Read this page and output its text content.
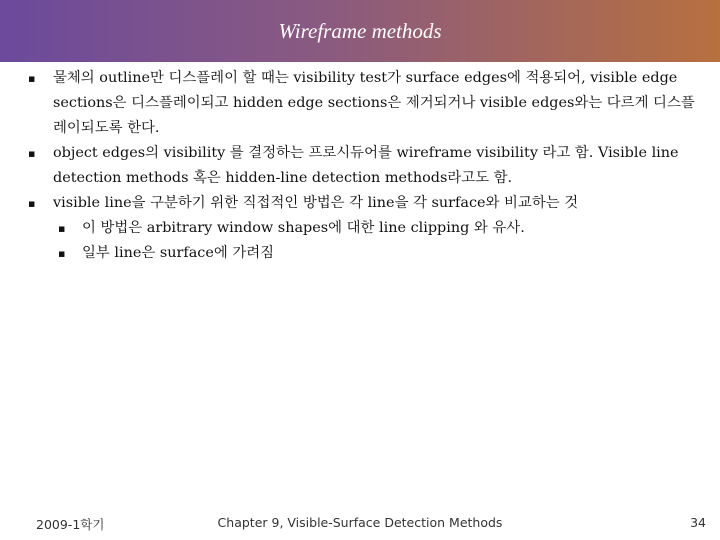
Wireframe methods
▪ 물체의 outline만 디스플레이 할 때는 visibility test가 surface edges에 적용되어, visible edge sections은 디스플레이되고 hidden edge sections은 제거되거나 visible edges와는 다르게 디스플레이되도록 한다.
▪ object edges의 visibility 를 결정하는 프로시듀어를 wireframe visibility 라고 함. Visible line detection methods 혹은 hidden-line detection methods라고도 함.
▪ visible line을 구분하기 위한 직접적인 방법은 각 line을 각 surface와 비교하는 것
▪ 이 방법은 arbitrary window shapes에 대한 line clipping 와 유사.
▪ 일부 line은 surface에 가려짐
2009-1학기	Chapter 9, Visible-Surface Detection Methods	34
